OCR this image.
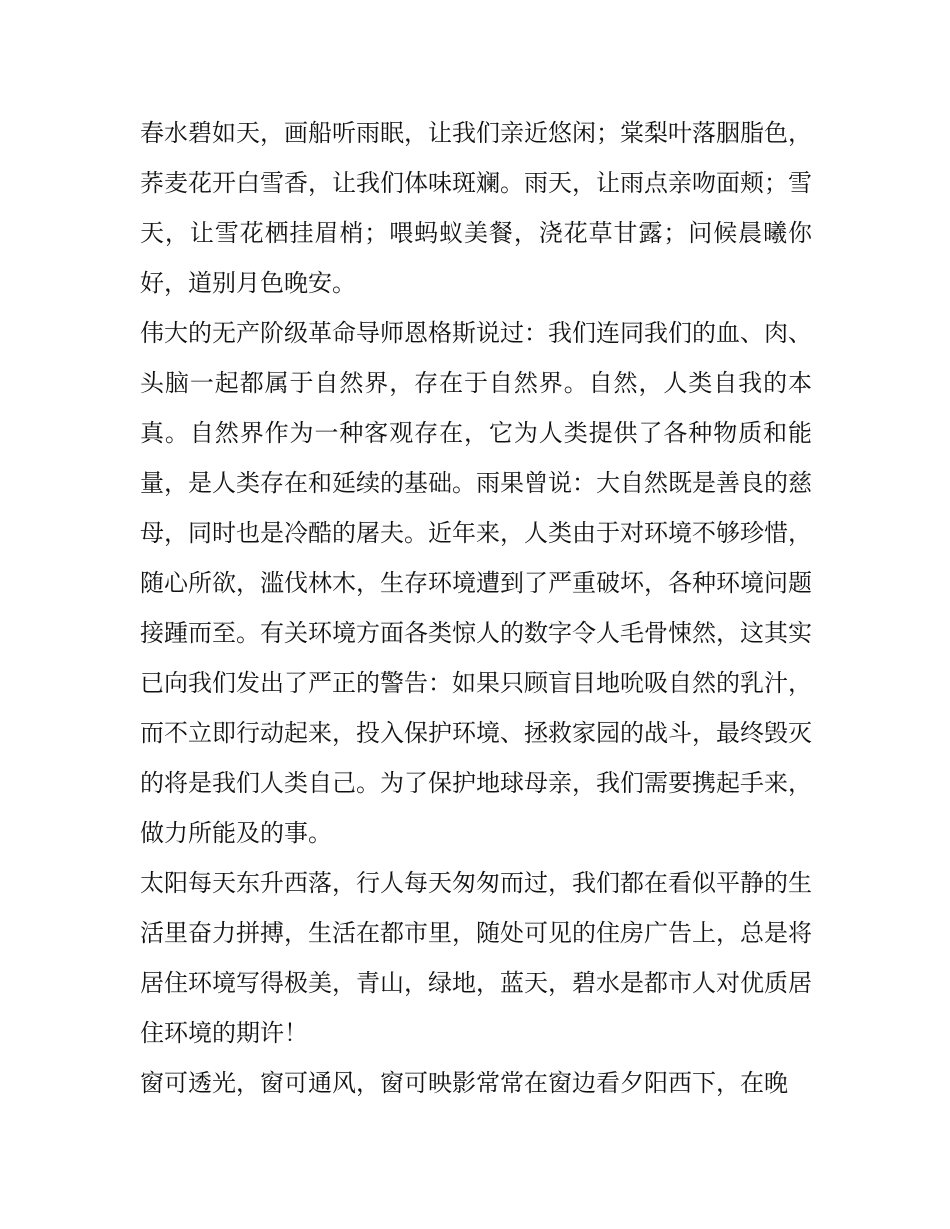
春水碧如天，画船听雨眠，让我们亲近悠闲；棠梨叶落胭脂色，荞麦花开白雪香，让我们体味斑斓。雨天，让雨点亲吻面颊；雪天，让雪花栖挂眉梢；喂蚂蚁美餐，浇花草甘露；问候晨曦你好，道别月色晚安。

伟大的无产阶级革命导师恩格斯说过：我们连同我们的血、肉、头脑一起都属于自然界，存在于自然界。自然，人类自我的本真。自然界作为一种客观存在，它为人类提供了各种物质和能量，是人类存在和延续的基础。雨果曾说：大自然既是善良的慈母，同时也是冷酷的屠夫。近年来，人类由于对环境不够珍惜，随心所欲，滥伐林木，生存环境遭到了严重破坏，各种环境问题接踵而至。有关环境方面各类惊人的数字令人毛骨悚然，这其实已向我们发出了严正的警告：如果只顾盲目地吮吸自然的乳汁，而不立即行动起来，投入保护环境、拯救家园的战斗，最终毁灭的将是我们人类自己。为了保护地球母亲，我们需要携起手来，做力所能及的事。

太阳每天东升西落，行人每天匆匆而过，我们都在看似平静的生活里奋力拼搏，生活在都市里，随处可见的住房广告上，总是将居住环境写得极美，青山，绿地，蓝天，碧水是都市人对优质居住环境的期许！

窗可透光，窗可通风，窗可映影常常在窗边看夕阳西下，在晚
